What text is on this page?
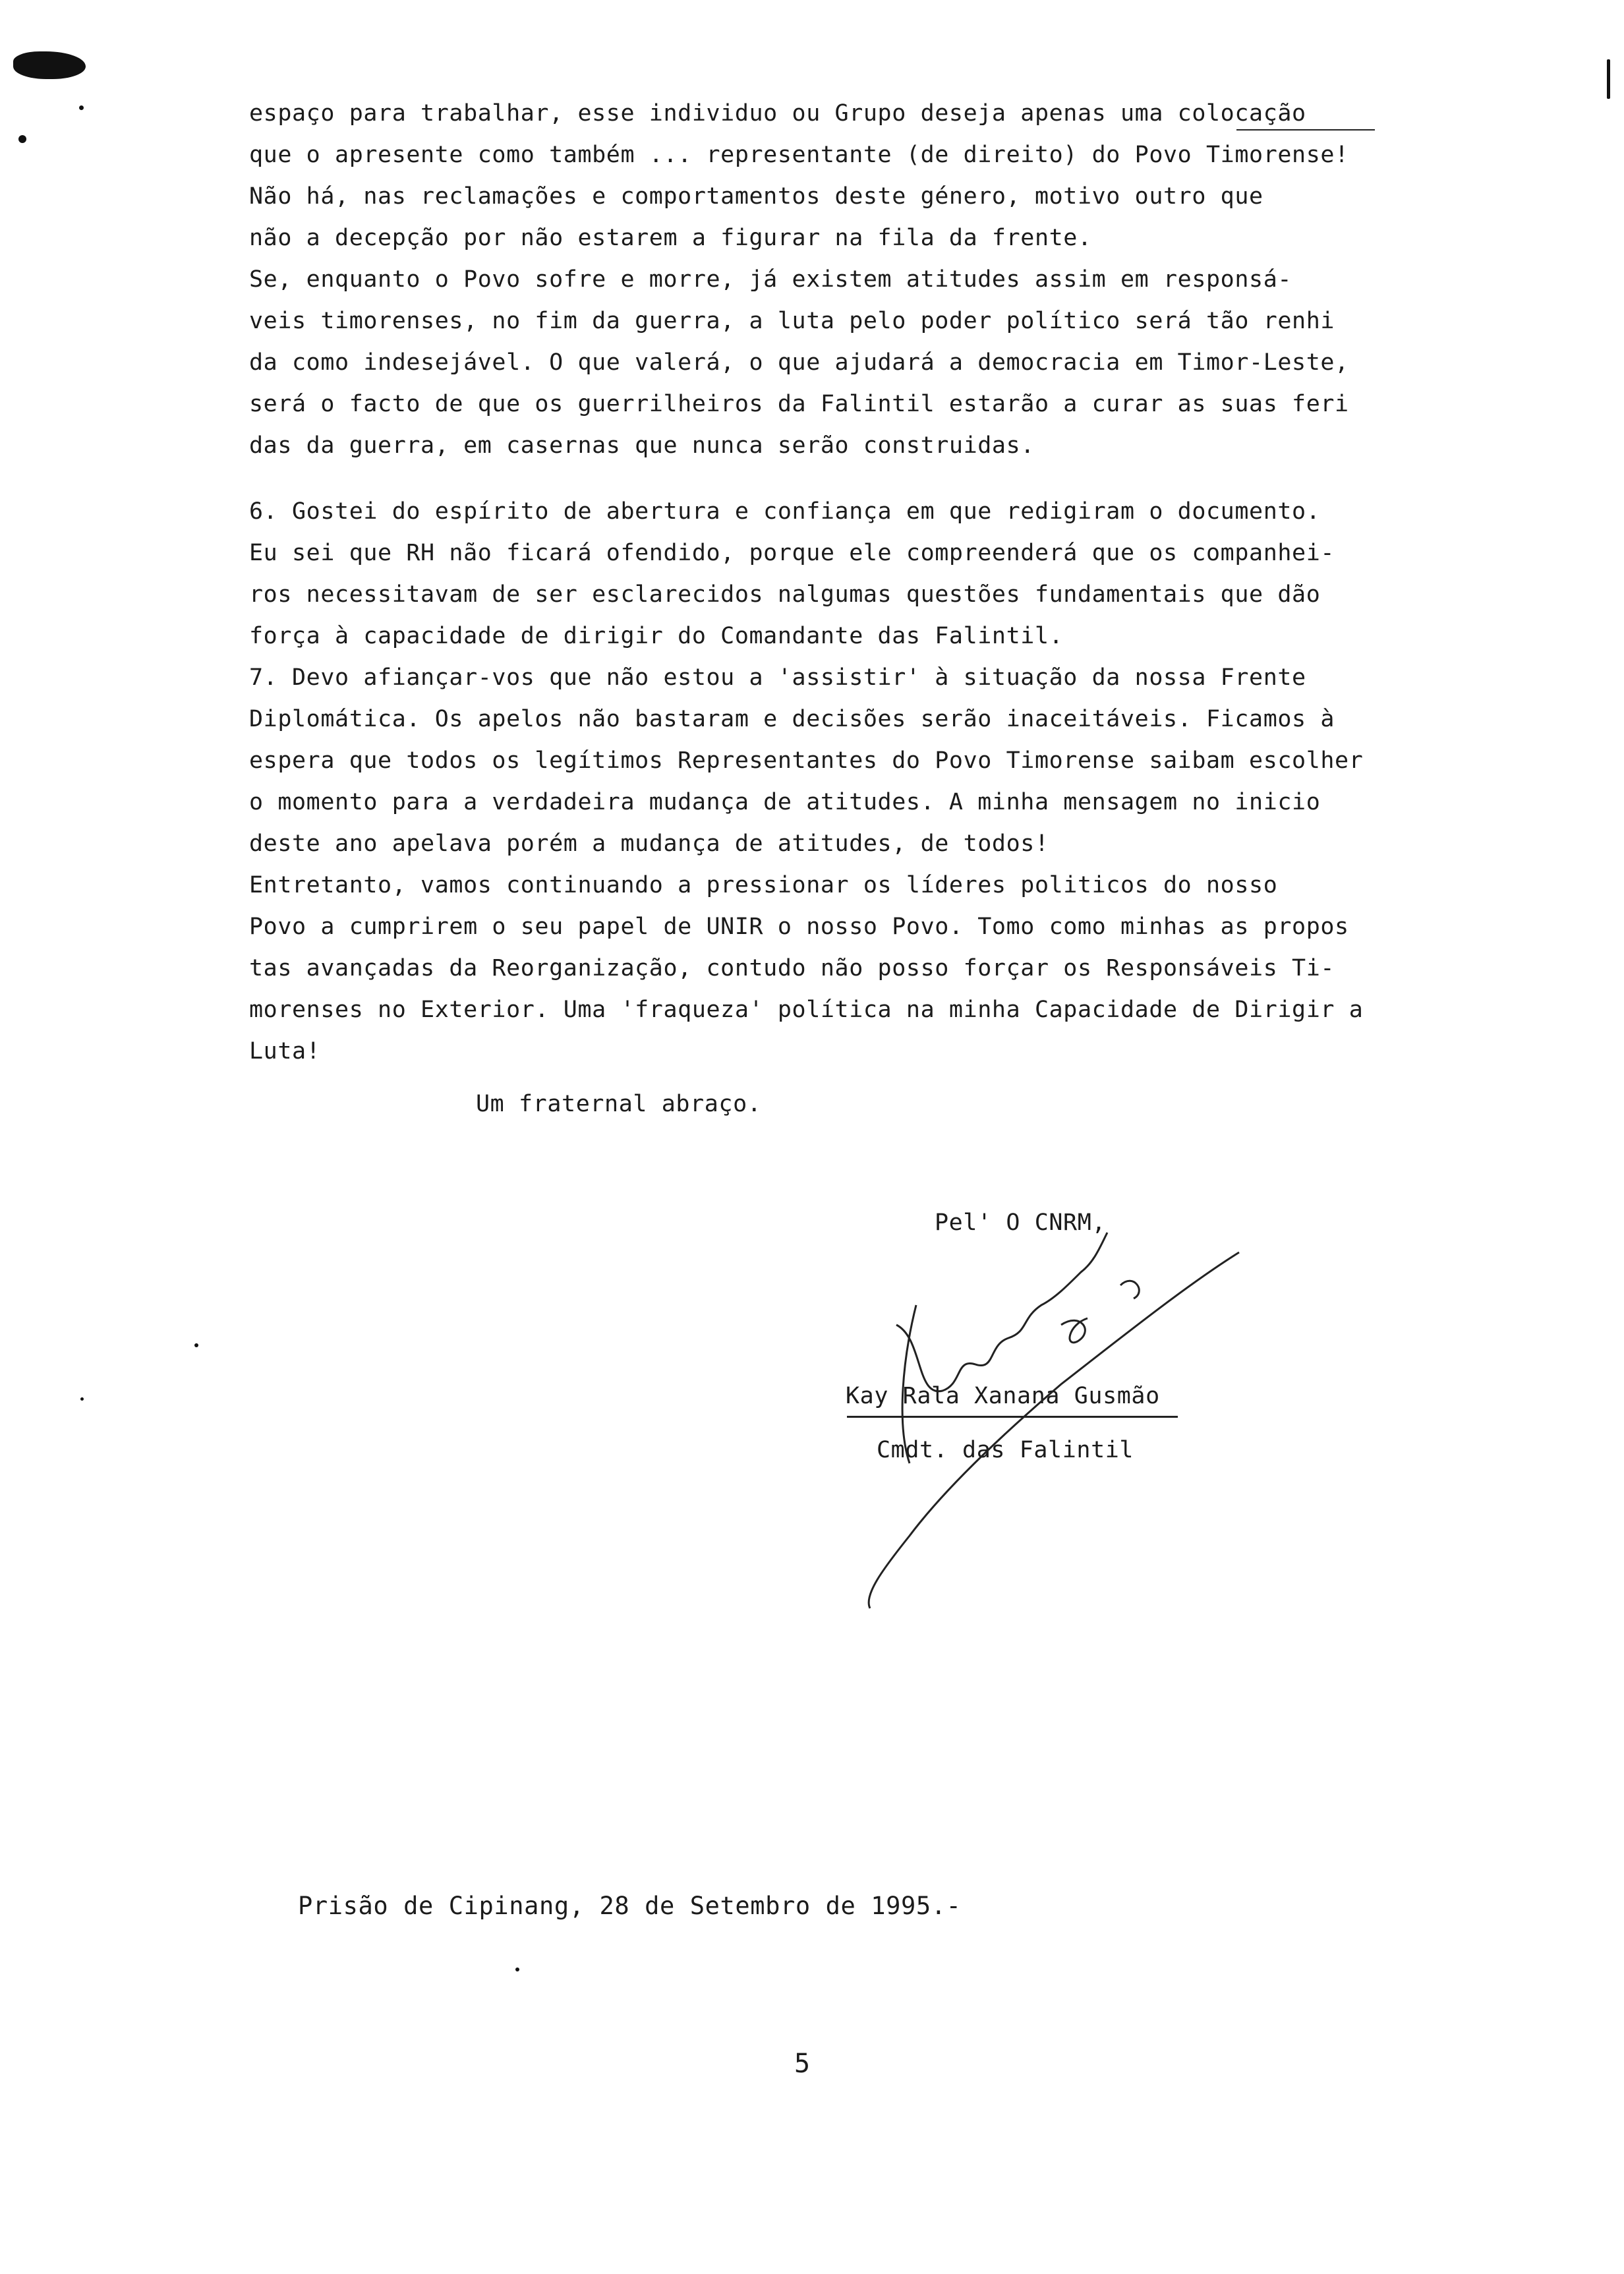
espaço para trabalhar, esse individuo ou Grupo deseja apenas uma colocação
que o apresente como também ... representante (de direito) do Povo Timorense!
Não há, nas reclamações e comportamentos deste género, motivo outro que
não a decepção por não estarem a figurar na fila da frente.
Se, enquanto o Povo sofre e morre, já existem atitudes assim em responsá-
veis timorenses, no fim da guerra, a luta pelo poder político será tão renhi
da como indesejável. O que valerá, o que ajudará a democracia em Timor-Leste,
será o facto de que os guerrilheiros da Falintil estarão a curar as suas feri
das da guerra, em casernas que nunca serão construidas.
6. Gostei do espírito de abertura e confiança em que redigiram o documento.
Eu sei que RH não ficará ofendido, porque ele compreenderá que os companhei-
ros necessitavam de ser esclarecidos nalgumas questões fundamentais que dão
força à capacidade de dirigir do Comandante das Falintil.
7. Devo afiançar-vos que não estou a 'assistir' à situação da nossa Frente
Diplomática. Os apelos não bastaram e decisões serão inaceitáveis. Ficamos à
espera que todos os legítimos Representantes do Povo Timorense saibam escolher
o momento para a verdadeira mudança de atitudes. A minha mensagem no inicio
deste ano apelava porém a mudança de atitudes, de todos!
Entretanto, vamos continuando a pressionar os líderes politicos do nosso
Povo a cumprirem o seu papel de UNIR o nosso Povo. Tomo como minhas as propos
tas avançadas da Reorganização, contudo não posso forçar os Responsáveis Ti-
morenses no Exterior. Uma 'fraqueza' política na minha Capacidade de Dirigir a
Luta!
Um fraternal abraço.
Pel' O CNRM,
Kay Rala Xanana Gusmão
Cmdt. das Falintil
Prisão de Cipinang, 28 de Setembro de 1995.-
5
